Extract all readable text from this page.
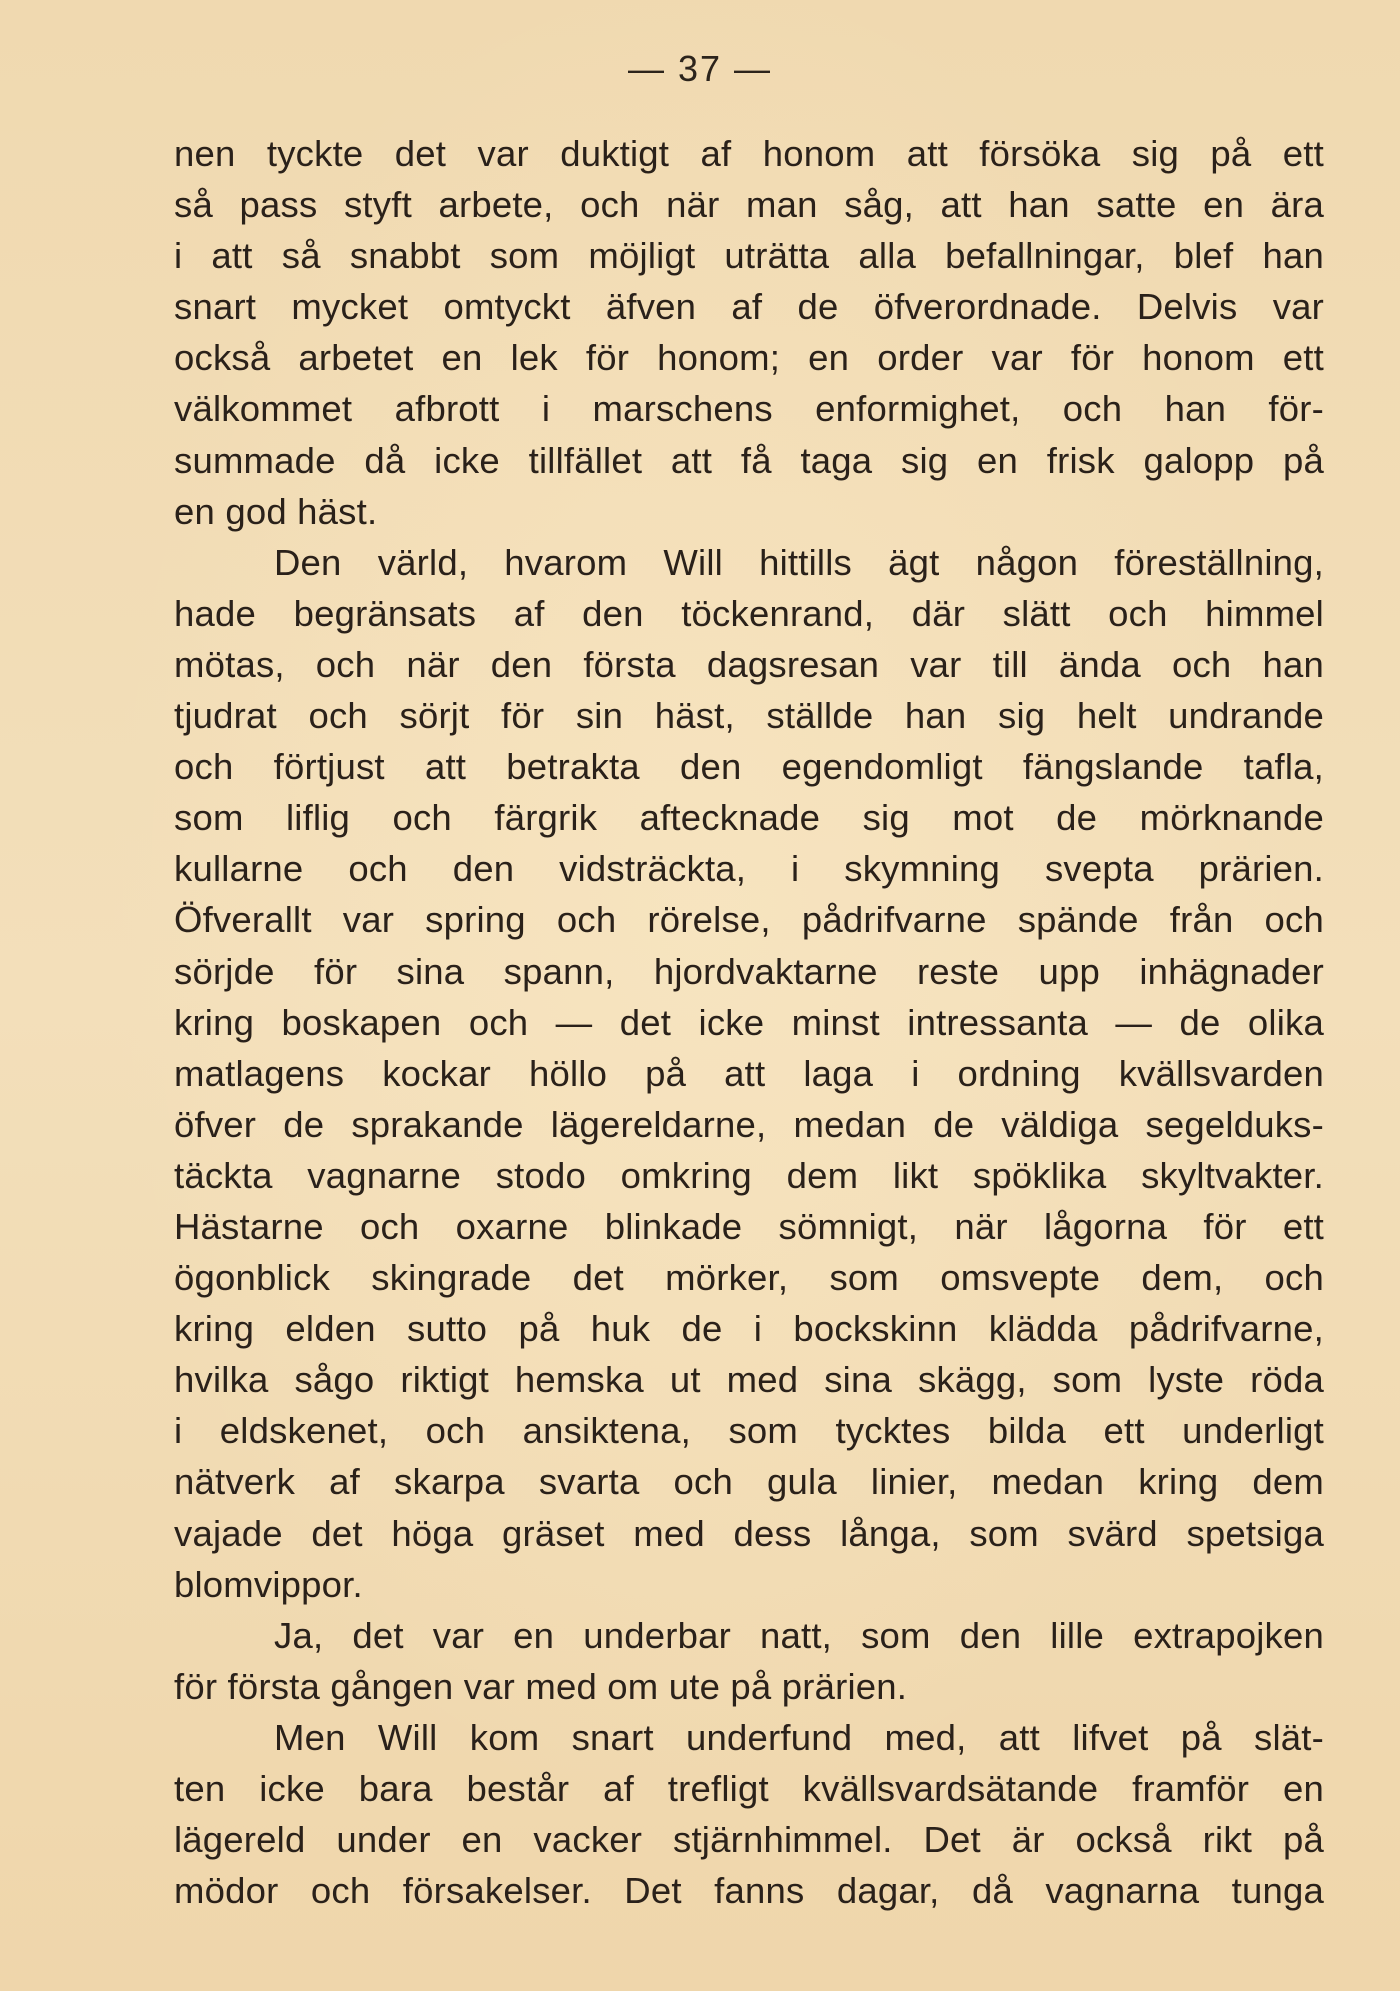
— 37 —
nen tyckte det var duktigt af honom att försöka sig på ett
så pass styft arbete, och när man såg, att han satte en ära
i att så snabbt som möjligt uträtta alla befallningar, blef han
snart mycket omtyckt äfven af de öfverordnade. Delvis var
också arbetet en lek för honom; en order var för honom ett
välkommet afbrott i marschens enformighet, och han för-
summade då icke tillfället att få taga sig en frisk galopp på
en god häst.
Den värld, hvarom Will hittills ägt någon föreställning,
hade begränsats af den töckenrand, där slätt och himmel
mötas, och när den första dagsresan var till ända och han
tjudrat och sörjt för sin häst, ställde han sig helt undrande
och förtjust att betrakta den egendomligt fängslande tafla,
som liflig och färgrik aftecknade sig mot de mörknande
kullarne och den vidsträckta, i skymning svepta prärien.
Öfverallt var spring och rörelse, pådrifvarne spände från och
sörjde för sina spann, hjordvaktarne reste upp inhägnader
kring boskapen och — det icke minst intressanta — de olika
matlagens kockar höllo på att laga i ordning kvällsvarden
öfver de sprakande lägereldarne, medan de väldiga segelduks-
täckta vagnarne stodo omkring dem likt spöklika skyltvakter.
Hästarne och oxarne blinkade sömnigt, när lågorna för ett
ögonblick skingrade det mörker, som omsvepte dem, och
kring elden sutto på huk de i bockskinn klädda pådrifvarne,
hvilka sågo riktigt hemska ut med sina skägg, som lyste röda
i eldskenet, och ansiktena, som tycktes bilda ett underligt
nätverk af skarpa svarta och gula linier, medan kring dem
vajade det höga gräset med dess långa, som svärd spetsiga
blomvippor.
Ja, det var en underbar natt, som den lille extrapojken
för första gången var med om ute på prärien.
Men Will kom snart underfund med, att lifvet på slät-
ten icke bara består af trefligt kvällsvardsätande framför en
lägereld under en vacker stjärnhimmel. Det är också rikt på
mödor och försakelser. Det fanns dagar, då vagnarna tunga
